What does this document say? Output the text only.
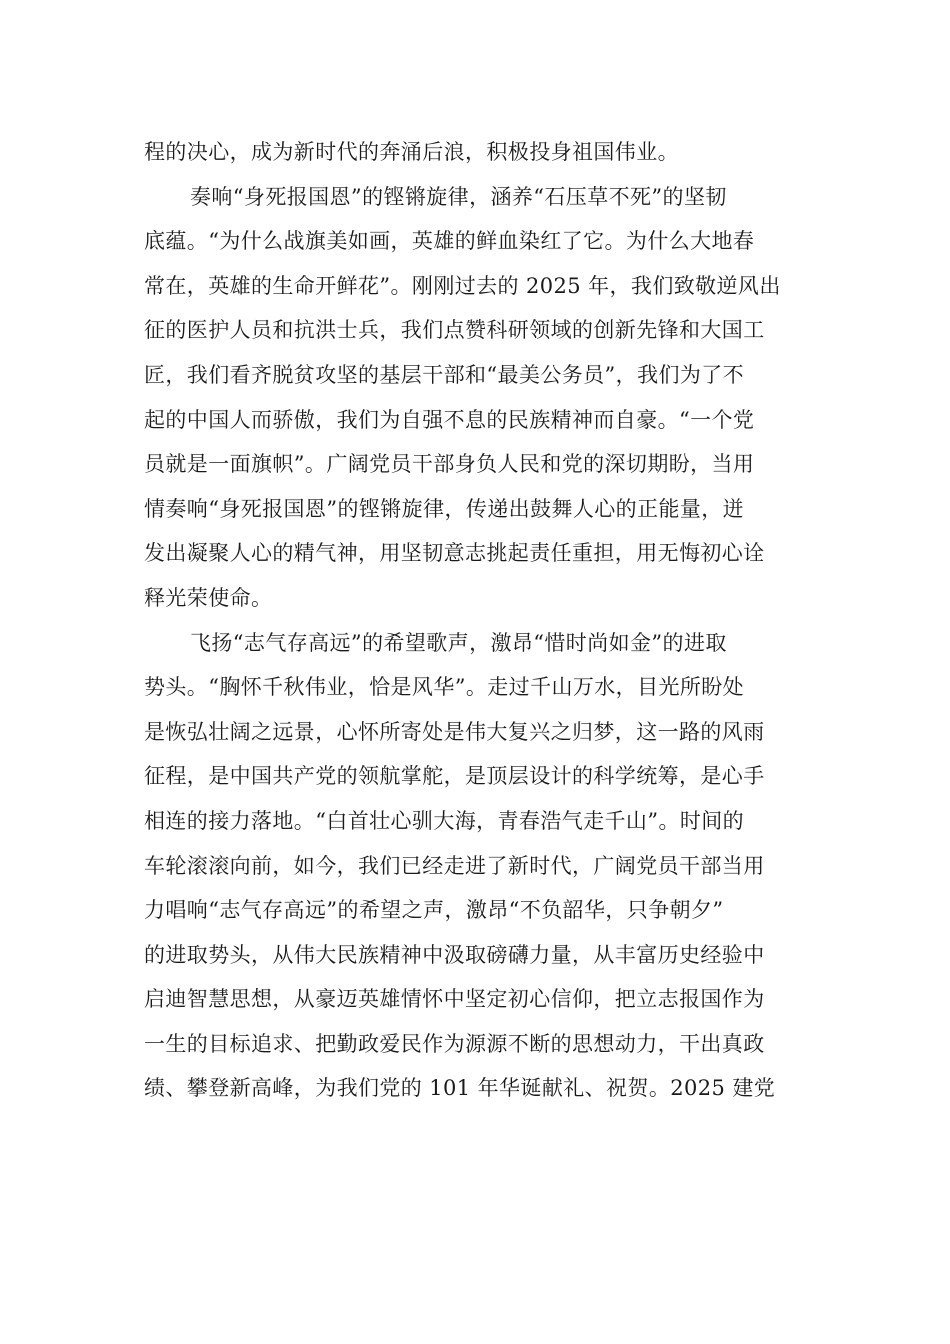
程的决心，成为新时代的奔涌后浪，积极投身祖国伟业。
奏响“身死报国恩”的铿锵旋律，涵养“石压草不死”的坚韧
底蕴。“为什么战旗美如画，英雄的鲜血染红了它。为什么大地春
常在，英雄的生命开鲜花”。刚刚过去的 2025 年，我们致敬逆风出
征的医护人员和抗洪士兵，我们点赞科研领域的创新先锋和大国工
匠，我们看齐脱贫攻坚的基层干部和“最美公务员”，我们为了不
起的中国人而骄傲，我们为自强不息的民族精神而自豪。“一个党
员就是一面旗帜”。广阔党员干部身负人民和党的深切期盼，当用
情奏响“身死报国恩”的铿锵旋律，传递出鼓舞人心的正能量，迸
发出凝聚人心的精气神，用坚韧意志挑起责任重担，用无悔初心诠
释光荣使命。
飞扬“志气存高远”的希望歌声，激昂“惜时尚如金”的进取
势头。“胸怀千秋伟业，恰是风华”。走过千山万水，目光所盼处
是恢弘壮阔之远景，心怀所寄处是伟大复兴之归梦，这一路的风雨
征程，是中国共产党的领航掌舵，是顶层设计的科学统筹，是心手
相连的接力落地。“白首壮心驯大海，青春浩气走千山”。时间的
车轮滚滚向前，如今，我们已经走进了新时代，广阔党员干部当用
力唱响“志气存高远”的希望之声，激昂“不负韶华，只争朝夕”
的进取势头，从伟大民族精神中汲取磅礴力量，从丰富历史经验中
启迪智慧思想，从豪迈英雄情怀中坚定初心信仰，把立志报国作为
一生的目标追求、把勤政爱民作为源源不断的思想动力，干出真政
绩、攀登新高峰，为我们党的 101 年华诞献礼、祝贺。2025 建党
